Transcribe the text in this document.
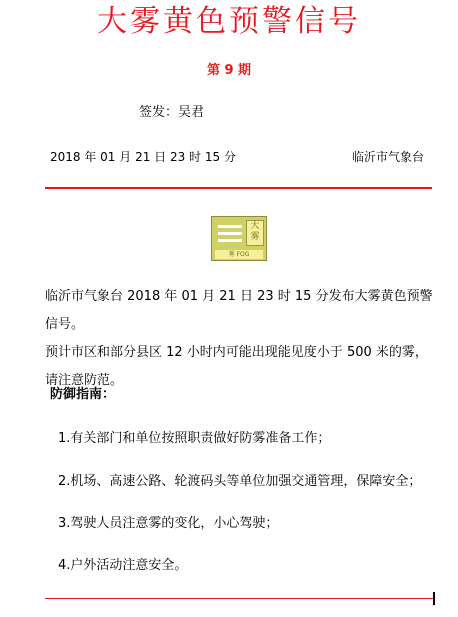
大雾黄色预警信号
第 9 期
签发：吴君
2018 年 01 月 21 日 23 时 15 分	临沂市气象台
大雾
雾 FOG

临沂市气象台 2018 年 01 月 21 日 23 时 15 分发布大雾黄色预警信号。

预计市区和部分县区 12 小时内可能出现能见度小于 500 米的雾，请注意防范。

防御指南：
1.有关部门和单位按照职责做好防雾准备工作；
2.机场、高速公路、轮渡码头等单位加强交通管理，保障安全；
3.驾驶人员注意雾的变化，小心驾驶；
4.户外活动注意安全。
